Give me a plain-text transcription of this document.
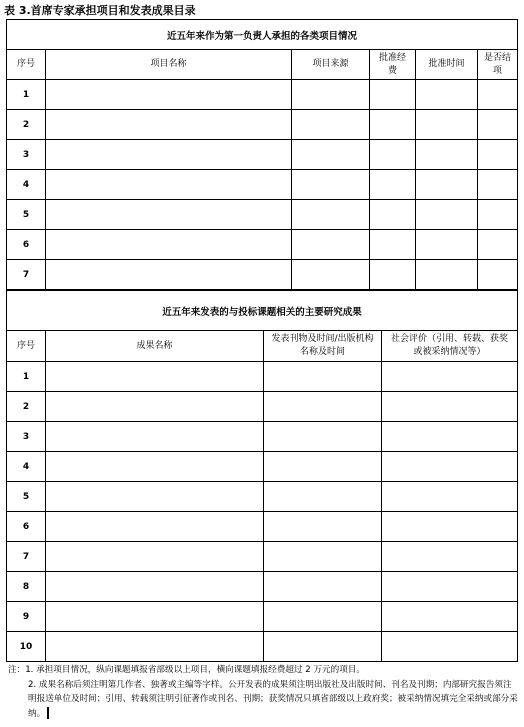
表 3.首席专家承担项目和发表成果目录
近五年来作为第一负责人承担的各类项目情况					
序号	项目名称	项目来源	批准经费	批准时间	是否结项
1					
2					
3					
4					
5					
6					
7					
近五年来发表的与投标课题相关的主要研究成果			
序号	成果名称	发表刊物及时间/出版机构名称及时间	社会评价（引用、转载、获奖或被采纳情况等）
1			
2			
3			
4			
5			
6			
7			
8			
9			
10			

注：1. 承担项目情况，纵向课题填报省部级以上项目，横向课题填报经费超过 2 万元的项目。

2. 成果名称后须注明第几作者、独著或主编等字样。公开发表的成果须注明出版社及出版时间、刊名及刊期；内部研究报告须注明报送单位及时间；引用、转载须注明引征著作或刊名、刊期；获奖情况只填省部级以上政府奖；被采纳情况填完全采纳或部分采纳。
